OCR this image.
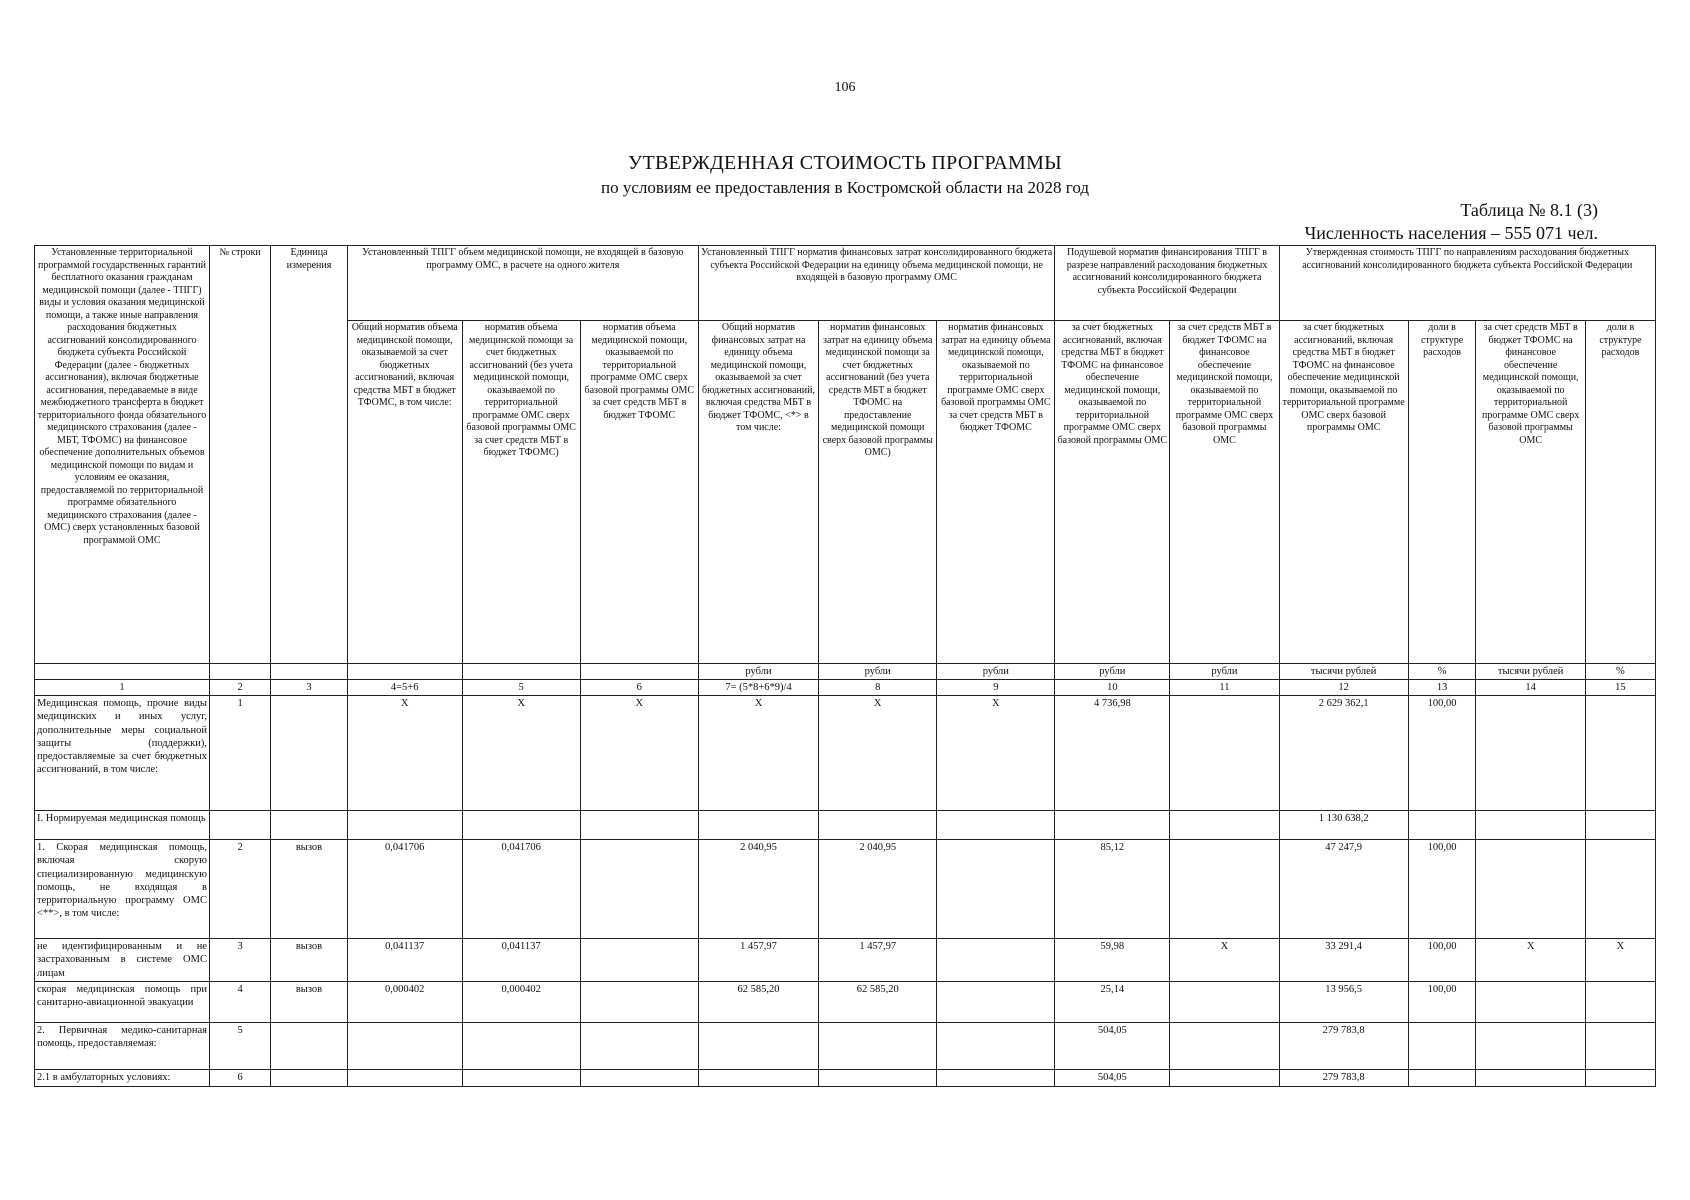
106
УТВЕРЖДЕННАЯ СТОИМОСТЬ ПРОГРАММЫ
по условиям ее предоставления в Костромской области на 2028 год
Таблица № 8.1 (3)
Численность населения – 555 071 чел.
Установленные территориальной программой государственных гарантий бесплатного оказания гражданам медицинской помощи (далее - ТПГГ) виды и условия оказания медицинской помощи, а также иные направления расходования бюджетных ассигнований консолидированного бюджета субъекта Российской Федерации (далее - бюджетных ассигнования), включая бюджетные ассигнования, передаваемые в виде межбюджетного трансферта в бюджет территориального фонда обязательного медицинского страхования (далее - МБТ, ТФОМС) на финансовое обеспечение дополнительных объемов медицинской помощи по видам и условиям ее оказания, предоставляемой по территориальной программе обязательного медицинского страхования (далее - ОМС) сверх установленных базовой программой ОМС	№ строки	Единица измерения	Установленный ТПГГ объем медицинской помощи, не входящей в базовую программу ОМС, в расчете на одного жителя			Установленный ТПГГ норматив финансовых затрат консолидированного бюджета субъекта Российской Федерации на единицу объема медицинской помощи, не входящей в базовую программу ОМС			Подушевой норматив финансирования ТПГГ в разрезе направлений расходования бюджетных ассигнований консолидированного бюджета субъекта Российской Федерации		Утвержденная стоимость ТПГГ по направлениям расходования бюджетных ассигнований консолидированного бюджета субъекта Российской Федерации			
			Общий норматив объема медицинской помощи, оказываемой за счет бюджетных ассигнований, включая средства МБТ в бюджет ТФОМС, в том числе:	норматив объема медицинской помощи за счет бюджетных ассигнований (без учета медицинской помощи, оказываемой по территориальной программе ОМС сверх базовой программы ОМС за счет средств МБТ в бюджет ТФОМС)	норматив объема медицинской помощи, оказываемой по территориальной программе ОМС сверх базовой программы ОМС за счет средств МБТ в бюджет ТФОМС	Общий норматив финансовых затрат на единицу объема медицинской помощи, оказываемой за счет бюджетных ассигнований, включая средства МБТ в бюджет ТФОМС, <*> в том числе:	норматив финансовых затрат на единицу объема медицинской помощи за счет бюджетных ассигнований (без учета средств МБТ в бюджет ТФОМС на предоставление медицинской помощи сверх базовой программы ОМС)	норматив финансовых затрат на единицу объема медицинской помощи, оказываемой по территориальной программе ОМС сверх базовой программы ОМС за счет средств МБТ в бюджет ТФОМС	за счет бюджетных ассигнований, включая средства МБТ в бюджет ТФОМС на финансовое обеспечение медицинской помощи, оказываемой по территориальной программе ОМС сверх базовой программы ОМС	за счет средств МБТ в бюджет ТФОМС на финансовое обеспечение медицинской помощи, оказываемой по территориальной программе ОМС сверх базовой программы ОМС	за счет бюджетных ассигнований, включая средства МБТ в бюджет ТФОМС на финансовое обеспечение медицинской помощи, оказываемой по территориальной программе ОМС сверх базовой программы ОМС	доли в структуре расходов	за счет средств МБТ в бюджет ТФОМС на финансовое обеспечение медицинской помощи, оказываемой по территориальной программе ОМС сверх базовой программы ОМС	доли в структуре расходов
						рубли	рубли	рубли	рубли	рубли	тысячи рублей	%	тысячи рублей	%
1	2	3	4=5+6	5	6	7= (5*8+6*9)/4	8	9	10	11	12	13	14	15
Медицинская помощь, прочие виды медицинских и иных услуг, дополнительные меры социальной защиты (поддержки), предоставляемые за счет бюджетных ассигнований, в том числе:	1		X	X	X	X	X	X	4 736,98		2 629 362,1	100,00		
I. Нормируемая медицинская помощь											1 130 638,2			
1. Скорая медицинская помощь, включая скорую специализированную медицинскую помощь, не входящая в территориальную программу ОМС <**>, в том числе:	2	вызов	0,041706	0,041706		2 040,95	2 040,95		85,12		47 247,9	100,00		
не идентифицированным и не застрахованным в системе ОМС лицам	3	вызов	0,041137	0,041137		1 457,97	1 457,97		59,98	X	33 291,4	100,00	X	X
скорая медицинская помощь при санитарно-авиационной эвакуации	4	вызов	0,000402	0,000402		62 585,20	62 585,20		25,14		13 956,5	100,00		
2. Первичная медико-санитарная помощь, предоставляемая:	5								504,05		279 783,8			
2.1 в амбулаторных условиях:	6								504,05		279 783,8			
